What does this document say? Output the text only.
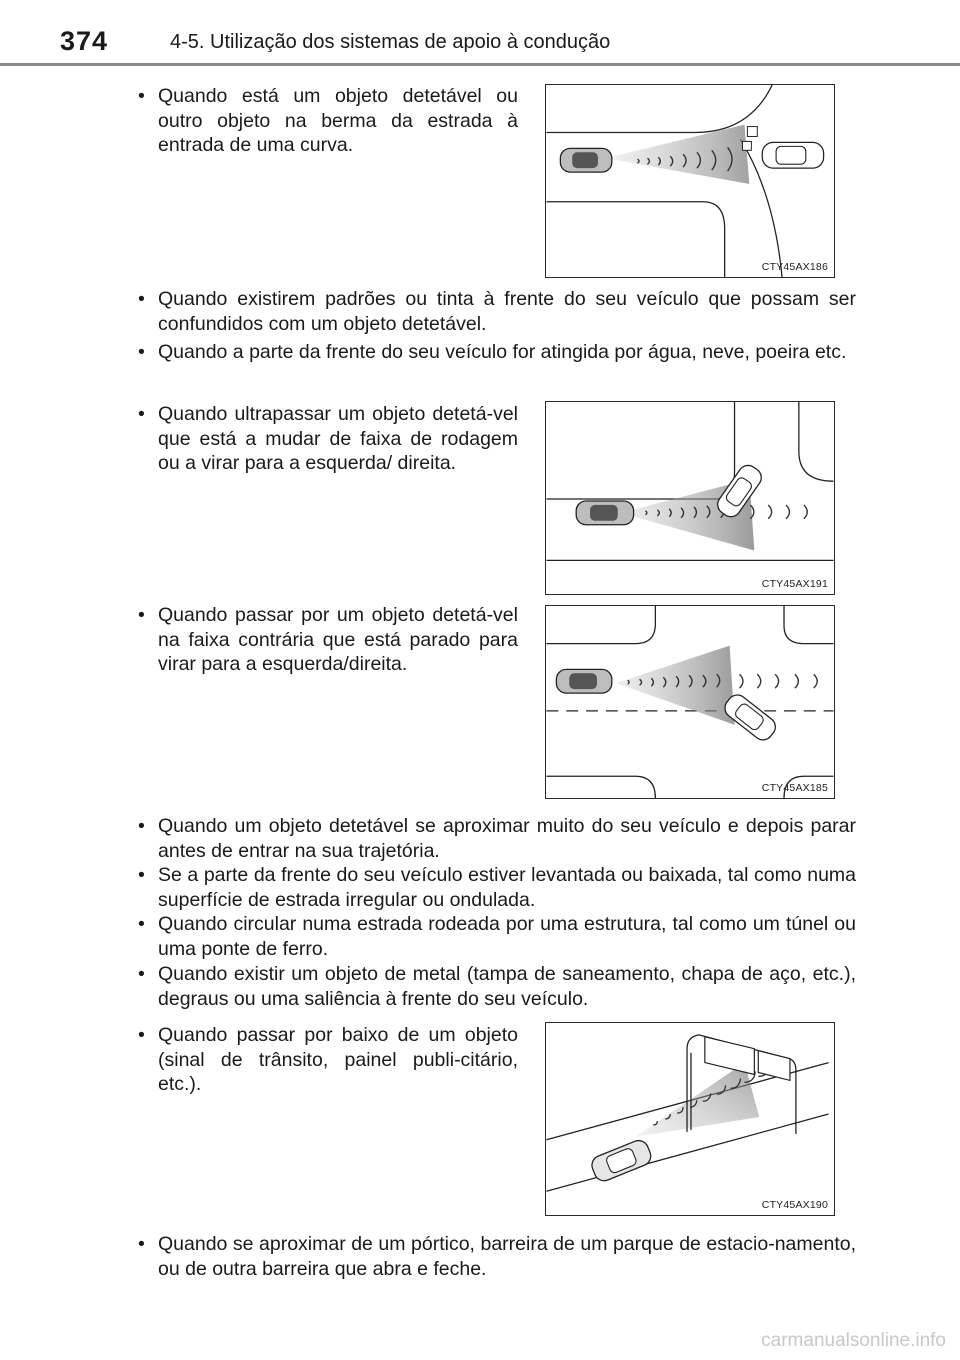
374	4-5. Utilização dos sistemas de apoio à condução
• Quando está um objeto detetável ou outro objeto na berma da estrada à entrada de uma curva.
CTY45AX186
• Quando existirem padrões ou tinta à frente do seu veículo que possam ser confundidos com um objeto detetável.
• Quando a parte da frente do seu veículo for atingida por água, neve, poeira etc.
• Quando ultrapassar um objeto detetá-vel que está a mudar de faixa de rodagem ou a virar para a esquerda/ direita.
CTY45AX191
• Quando passar por um objeto detetá-vel na faixa contrária que está parado para virar para a esquerda/direita.
CTY45AX185
• Quando um objeto detetável se aproximar muito do seu veículo e depois parar antes de entrar na sua trajetória.
• Se a parte da frente do seu veículo estiver levantada ou baixada, tal como numa superfície de estrada irregular ou ondulada.
• Quando circular numa estrada rodeada por uma estrutura, tal como um túnel ou uma ponte de ferro.
• Quando existir um objeto de metal (tampa de saneamento, chapa de aço, etc.), degraus ou uma saliência à frente do seu veículo.
• Quando passar por baixo de um objeto (sinal de trânsito, painel publi-citário, etc.).
CTY45AX190
• Quando se aproximar de um pórtico, barreira de um parque de estacio-namento, ou de outra barreira que abra e feche.
carmanualsonline.info
